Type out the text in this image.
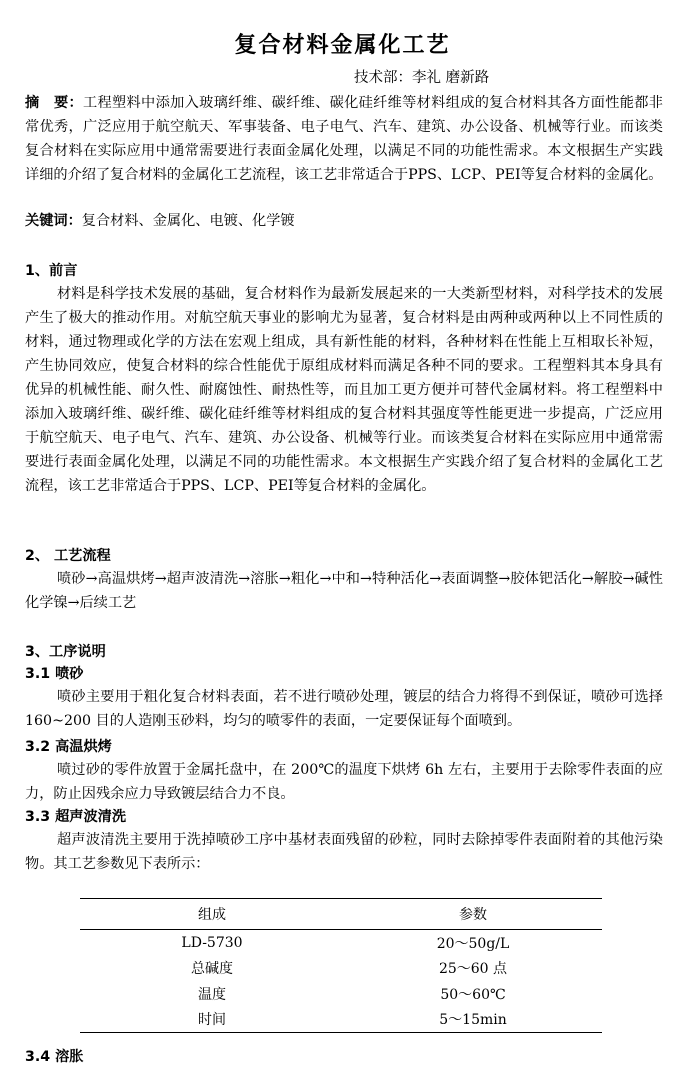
复合材料金属化工艺
技术部：李礼 磨新路
摘　要：工程塑料中添加入玻璃纤维、碳纤维、碳化硅纤维等材料组成的复合材料其各方面性能都非常优秀，广泛应用于航空航天、军事装备、电子电气、汽车、建筑、办公设备、机械等行业。而该类复合材料在实际应用中通常需要进行表面金属化处理，以满足不同的功能性需求。本文根据生产实践详细的介绍了复合材料的金属化工艺流程，该工艺非常适合于PPS、LCP、PEI等复合材料的金属化。
关键词：复合材料、金属化、电镀、化学镀
1、前言
材料是科学技术发展的基础，复合材料作为最新发展起来的一大类新型材料，对科学技术的发展产生了极大的推动作用。对航空航天事业的影响尤为显著，复合材料是由两种或两种以上不同性质的材料，通过物理或化学的方法在宏观上组成，具有新性能的材料，各种材料在性能上互相取长补短，产生协同效应，使复合材料的综合性能优于原组成材料而满足各种不同的要求。工程塑料其本身具有优异的机械性能、耐久性、耐腐蚀性、耐热性等，而且加工更方便并可替代金属材料。将工程塑料中添加入玻璃纤维、碳纤维、碳化硅纤维等材料组成的复合材料其强度等性能更进一步提高，广泛应用于航空航天、电子电气、汽车、建筑、办公设备、机械等行业。而该类复合材料在实际应用中通常需要进行表面金属化处理，以满足不同的功能性需求。本文根据生产实践介绍了复合材料的金属化工艺流程，该工艺非常适合于PPS、LCP、PEI等复合材料的金属化。
2、 工艺流程
喷砂→高温烘烤→超声波清洗→溶胀→粗化→中和→特种活化→表面调整→胶体钯活化→解胶→碱性化学镍→后续工艺
3、工序说明
3.1 喷砂
喷砂主要用于粗化复合材料表面，若不进行喷砂处理，镀层的结合力将得不到保证，喷砂可选择 160~200 目的人造刚玉砂料，均匀的喷零件的表面，一定要保证每个面喷到。
3.2 高温烘烤
喷过砂的零件放置于金属托盘中，在 200℃的温度下烘烤 6h 左右，主要用于去除零件表面的应力，防止因残余应力导致镀层结合力不良。
3.3 超声波清洗
超声波清洗主要用于洗掉喷砂工序中基材表面残留的砂粒，同时去除掉零件表面附着的其他污染物。其工艺参数见下表所示：
组成	参数
LD-5730	20～50g/L
总碱度	25～60 点
温度	50～60℃
时间	5～15min
3.4 溶胀
